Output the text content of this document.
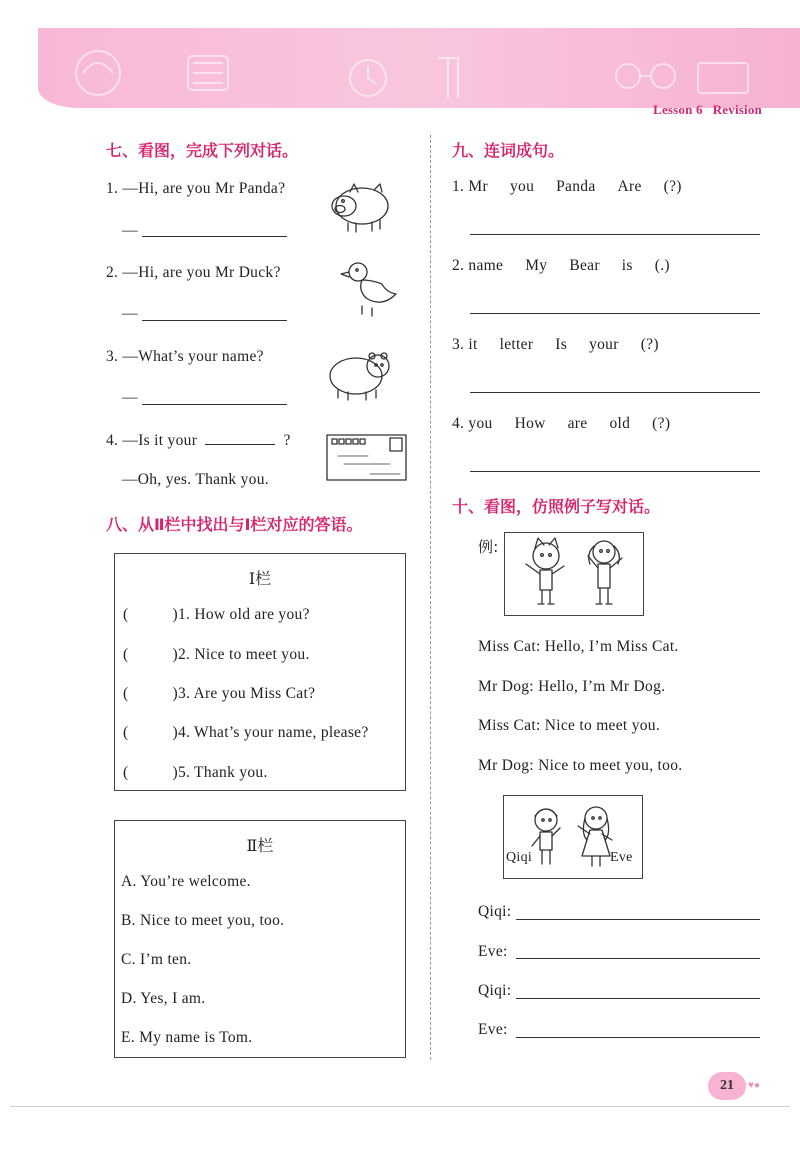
Lesson 6 Revision
七、看图，完成下列对话。
1. —Hi, are you Mr Panda?
—
2. —Hi, are you Mr Duck?
—
3. —What’s your name?
—
4. —Is it your	?
—Oh, yes. Thank you.
八、从Ⅱ栏中找出与Ⅰ栏对应的答语。
Ⅰ栏
(	)1. How old are you?
(	)2. Nice to meet you.
(	)3. Are you Miss Cat?
(	)4. What’s your name, please?
(	)5. Thank you.
Ⅱ栏
A. You’re welcome.
B. Nice to meet you, too.
C. I’m ten.
D. Yes, I am.
E. My name is Tom.
九、连词成句。
1. Mr you Panda Are (?)
2. name My Bear is (.)
3. it letter Is your (?)
4. you How are old (?)
十、看图，仿照例子写对话。
例:
Miss Cat: Hello, I’m Miss Cat.
Mr Dog: Hello, I’m Mr Dog.
Miss Cat: Nice to meet you.
Mr Dog: Nice to meet you, too.
Qiqi	Eve
Qiqi:
Eve:
Qiqi:
Eve:
21	♥●
